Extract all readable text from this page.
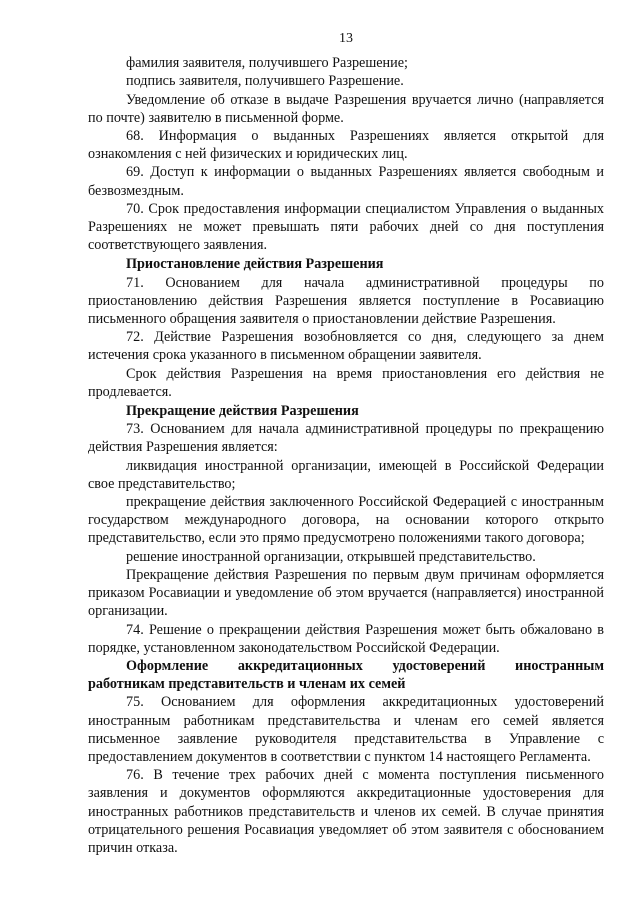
13

фамилия заявителя, получившего Разрешение;

подпись заявителя, получившего Разрешение.

Уведомление об отказе в выдаче Разрешения вручается лично (направляется по почте) заявителю в письменной форме.

68. Информация о выданных Разрешениях является открытой для ознакомления с ней физических и юридических лиц.

69. Доступ к информации о выданных Разрешениях является свободным и безвозмездным.

70. Срок предоставления информации специалистом Управления о выданных Разрешениях не может превышать пяти рабочих дней со дня поступления соответствующего заявления.

Приостановление действия Разрешения

71. Основанием для начала административной процедуры по приостановлению действия Разрешения является поступление в Росавиацию письменного обращения заявителя о приостановлении действие Разрешения.

72. Действие Разрешения возобновляется со дня, следующего за днем истечения срока указанного в письменном обращении заявителя.

Срок действия Разрешения на время приостановления его действия не продлевается.

Прекращение действия Разрешения

73. Основанием для начала административной процедуры по прекращению действия Разрешения является:

ликвидация иностранной организации, имеющей в Российской Федерации свое представительство;

прекращение действия заключенного Российской Федерацией с иностранным государством международного договора, на основании которого открыто представительство, если это прямо предусмотрено положениями такого договора;

решение иностранной организации, открывшей представительство.

Прекращение действия Разрешения по первым двум причинам оформляется приказом Росавиации и уведомление об этом вручается (направляется) иностранной организации.

74. Решение о прекращении действия Разрешения может быть обжаловано в порядке, установленном законодательством Российской Федерации.

Оформление аккредитационных удостоверений иностранным работникам представительств и членам их семей

75. Основанием для оформления аккредитационных удостоверений иностранным работникам представительства и членам его семей является письменное заявление руководителя представительства в Управление с предоставлением документов в соответствии с пунктом 14 настоящего Регламента.

76. В течение трех рабочих дней с момента поступления письменного заявления и документов оформляются аккредитационные удостоверения для иностранных работников представительств и членов их семей. В случае принятия отрицательного решения Росавиация уведомляет об этом заявителя с обоснованием причин отказа.
